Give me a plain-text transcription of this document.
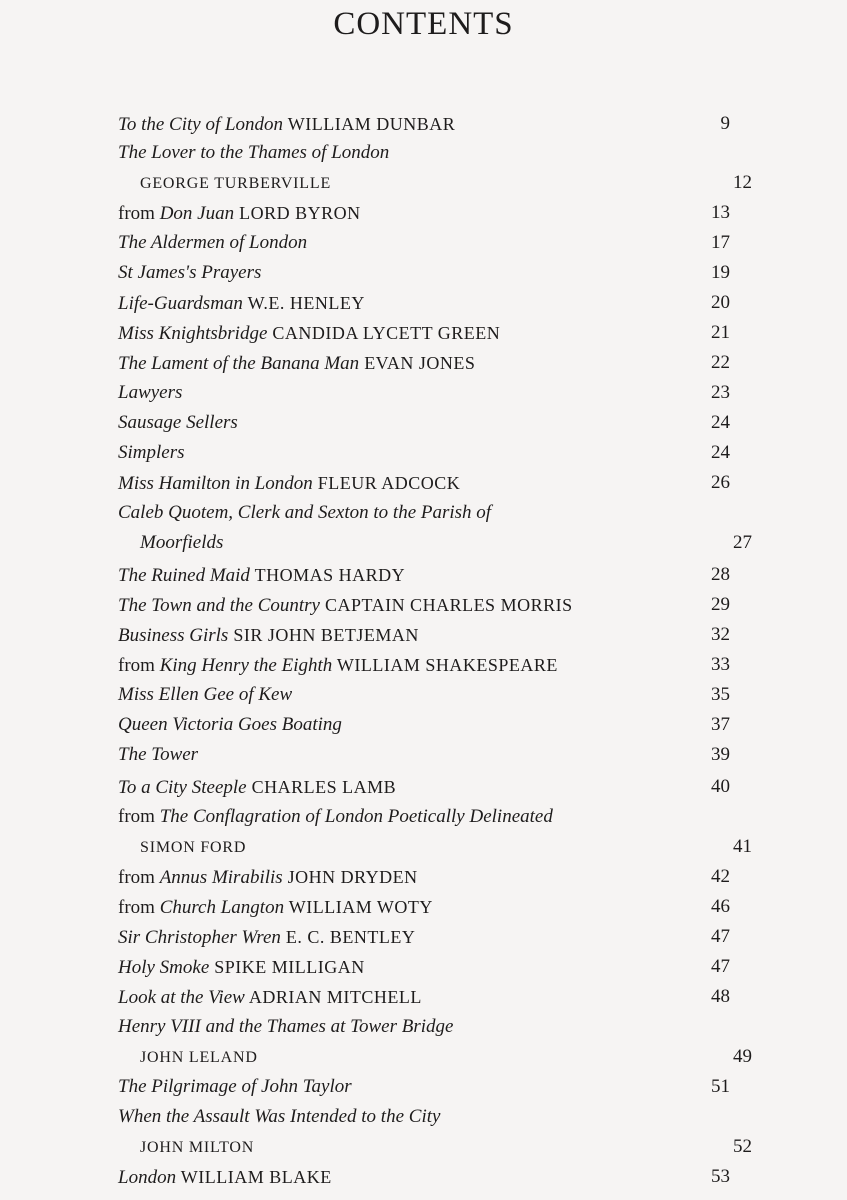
CONTENTS
To the City of London WILLIAM DUNBAR	9
The Lover to the Thames of London
GEORGE TURBERVILLE	12
from Don Juan LORD BYRON	13
The Aldermen of London	17
St James's Prayers	19
Life-Guardsman W.E. HENLEY	20
Miss Knightsbridge CANDIDA LYCETT GREEN	21
The Lament of the Banana Man EVAN JONES	22
Lawyers	23
Sausage Sellers	24
Simplers	24
Miss Hamilton in London FLEUR ADCOCK	26
Caleb Quotem, Clerk and Sexton to the Parish of
Moorfields	27
The Ruined Maid THOMAS HARDY	28
The Town and the Country CAPTAIN CHARLES MORRIS	29
Business Girls SIR JOHN BETJEMAN	32
from King Henry the Eighth WILLIAM SHAKESPEARE	33
Miss Ellen Gee of Kew	35
Queen Victoria Goes Boating	37
The Tower	39
To a City Steeple CHARLES LAMB	40
from The Conflagration of London Poetically Delineated
SIMON FORD	41
from Annus Mirabilis JOHN DRYDEN	42
from Church Langton WILLIAM WOTY	46
Sir Christopher Wren E. C. BENTLEY	47
Holy Smoke SPIKE MILLIGAN	47
Look at the View ADRIAN MITCHELL	48
Henry VIII and the Thames at Tower Bridge
JOHN LELAND	49
The Pilgrimage of John Taylor	51
When the Assault Was Intended to the City
JOHN MILTON	52
London WILLIAM BLAKE	53
